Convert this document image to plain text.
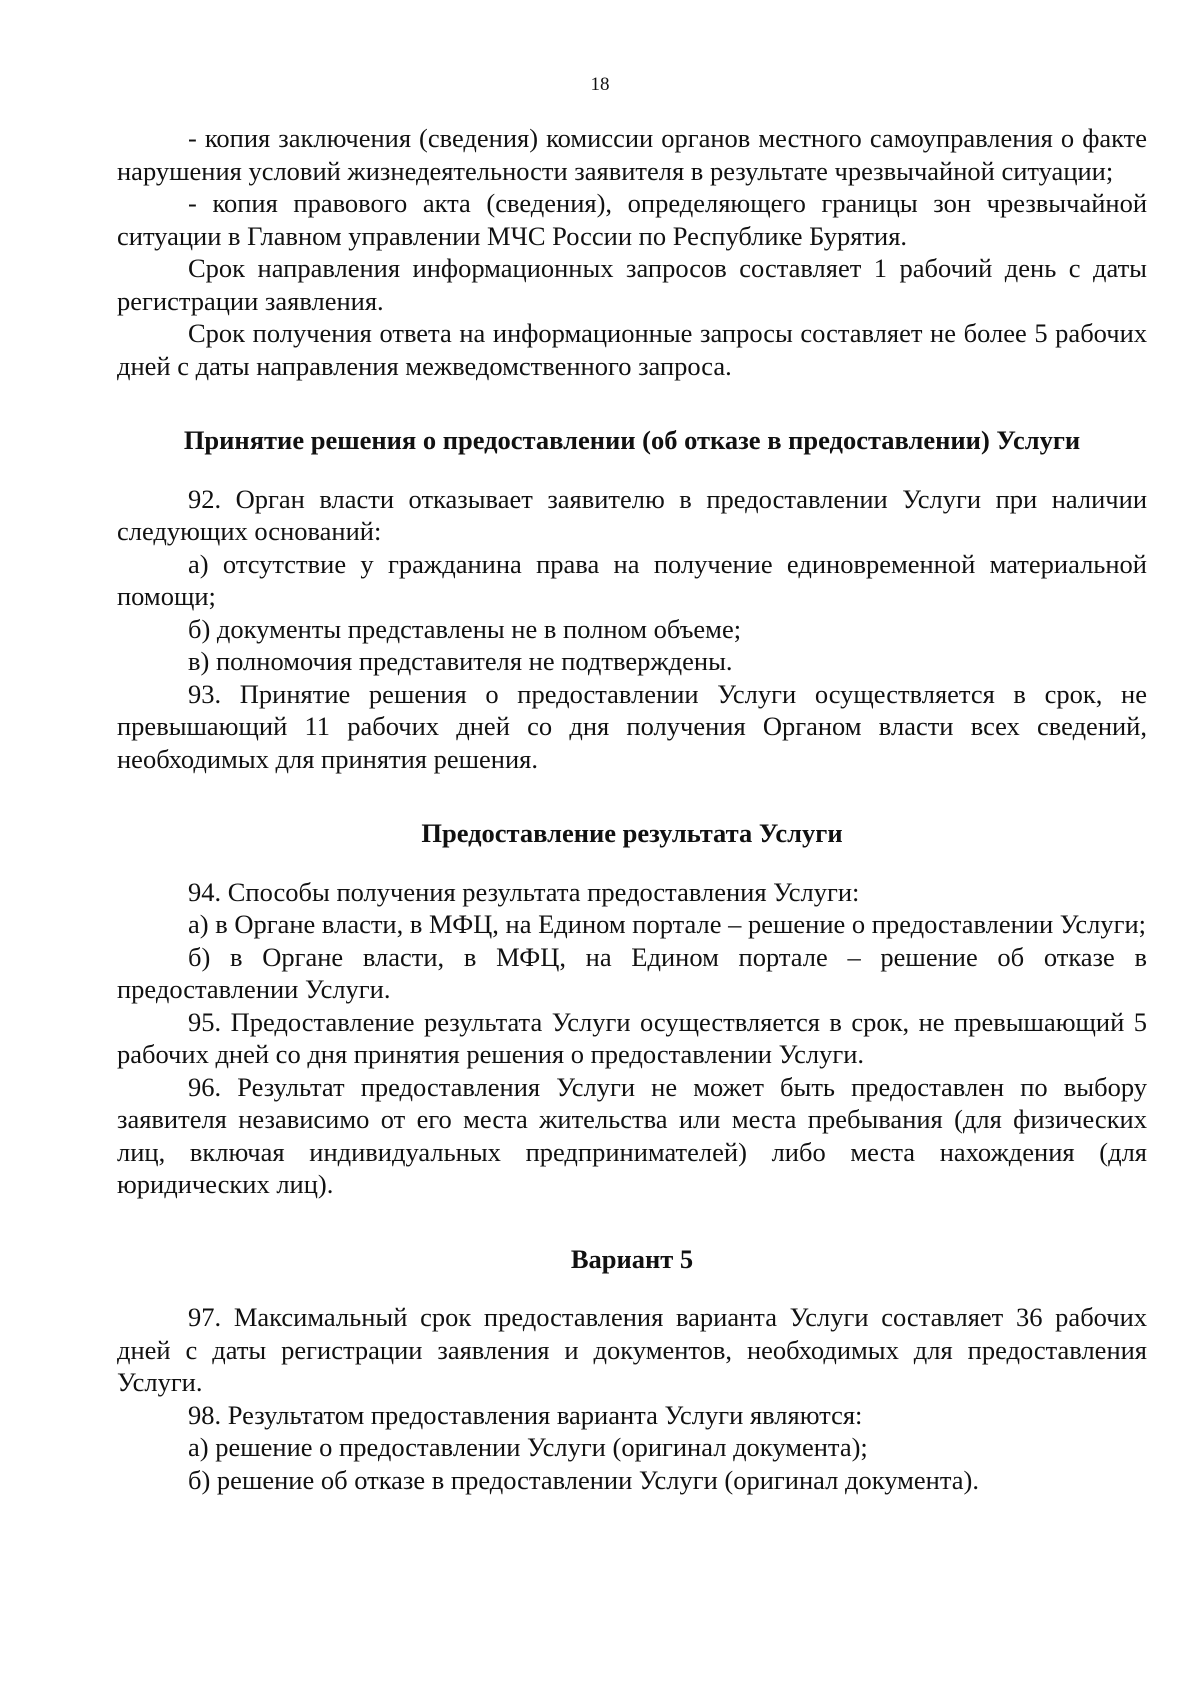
18

- копия заключения (сведения) комиссии органов местного самоуправления о факте нарушения условий жизнедеятельности заявителя в результате чрезвычайной ситуации;

- копия правового акта (сведения), определяющего границы зон чрезвычайной ситуации в Главном управлении МЧС России по Республике Бурятия.

Срок направления информационных запросов составляет 1 рабочий день с даты регистрации заявления.

Срок получения ответа на информационные запросы составляет не более 5 рабочих дней с даты направления межведомственного запроса.

Принятие решения о предоставлении (об отказе в предоставлении) Услуги

92. Орган власти отказывает заявителю в предоставлении Услуги при наличии следующих оснований:

а) отсутствие у гражданина права на получение единовременной материальной помощи;

б) документы представлены не в полном объеме;

в) полномочия представителя не подтверждены.

93. Принятие решения о предоставлении Услуги осуществляется в срок, не превышающий 11 рабочих дней со дня получения Органом власти всех сведений, необходимых для принятия решения.

Предоставление результата Услуги

94. Способы получения результата предоставления Услуги:

а) в Органе власти, в МФЦ, на Едином портале – решение о предоставлении Услуги;

б) в Органе власти, в МФЦ, на Едином портале – решение об отказе в предоставлении Услуги.

95. Предоставление результата Услуги осуществляется в срок, не превышающий 5 рабочих дней со дня принятия решения о предоставлении Услуги.

96. Результат предоставления Услуги не может быть предоставлен по выбору заявителя независимо от его места жительства или места пребывания (для физических лиц, включая индивидуальных предпринимателей) либо места нахождения (для юридических лиц).

Вариант 5

97. Максимальный срок предоставления варианта Услуги составляет 36 рабочих дней с даты регистрации заявления и документов, необходимых для предоставления Услуги.

98. Результатом предоставления варианта Услуги являются:

а) решение о предоставлении Услуги (оригинал документа);

б) решение об отказе в предоставлении Услуги (оригинал документа).
